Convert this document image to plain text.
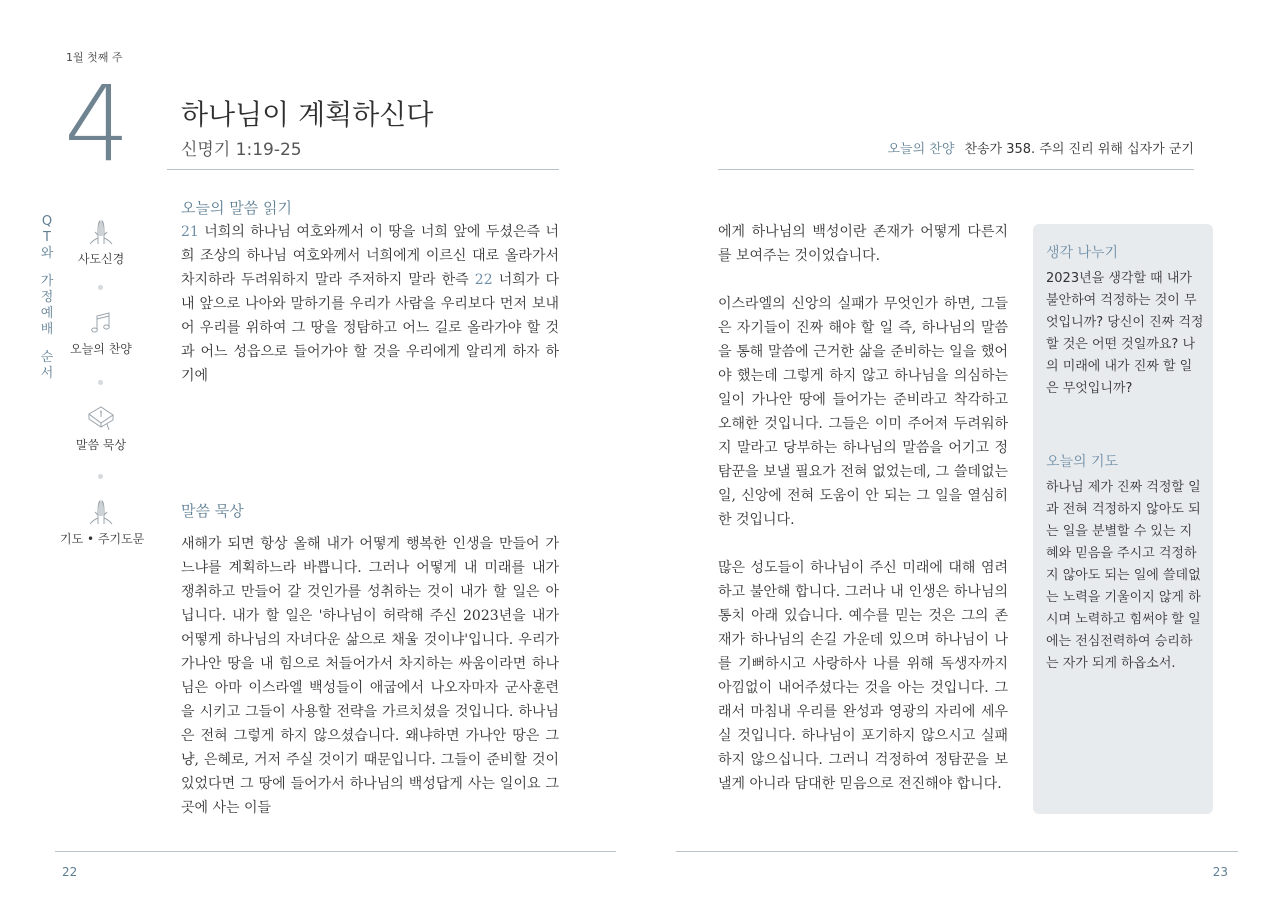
1월 첫째 주
4 하나님이 계획하신다
신명기 1:19-25	오늘의 찬양 찬송가 358. 주의 진리 위해 십자가 군기
Q
T
와
가
정
예
배
순
서
사도신경
오늘의 찬양
말씀 묵상
기도 • 주기도문
오늘의 말씀 읽기
21 너희의 하나님 여호와께서 이 땅을 너희 앞에 두셨은즉 너희 조상의 하나님 여호와께서 너희에게 이르신 대로 올라가서 차지하라 두려워하지 말라 주저하지 말라 한즉 22 너희가 다 내 앞으로 나아와 말하기를 우리가 사람을 우리보다 먼저 보내어 우리를 위하여 그 땅을 정탐하고 어느 길로 올라가야 할 것과 어느 성읍으로 들어가야 할 것을 우리에게 알리게 하자 하기에
말씀 묵상
새해가 되면 항상 올해 내가 어떻게 행복한 인생을 만들어 가느냐를 계획하느라 바쁩니다. 그러나 어떻게 내 미래를 내가 쟁취하고 만들어 갈 것인가를 성취하는 것이 내가 할 일은 아닙니다. 내가 할 일은 '하나님이 허락해 주신 2023년을 내가 어떻게 하나님의 자녀다운 삶으로 채울 것이냐'입니다. 우리가 가나안 땅을 내 힘으로 처들어가서 차지하는 싸움이라면 하나님은 아마 이스라엘 백성들이 애굽에서 나오자마자 군사훈련을 시키고 그들이 사용할 전략을 가르치셨을 것입니다. 하나님은 전혀 그렇게 하지 않으셨습니다. 왜냐하면 가나안 땅은 그냥, 은혜로, 거저 주실 것이기 때문입니다. 그들이 준비할 것이 있었다면 그 땅에 들어가서 하나님의 백성답게 사는 일이요 그곳에 사는 이들

에게 하나님의 백성이란 존재가 어떻게 다른지를 보여주는 것이었습니다.

이스라엘의 신앙의 실패가 무엇인가 하면, 그들은 자기들이 진짜 해야 할 일 즉, 하나님의 말씀을 통해 말씀에 근거한 삶을 준비하는 일을 했어야 했는데 그렇게 하지 않고 하나님을 의심하는 일이 가나안 땅에 들어가는 준비라고 착각하고 오해한 것입니다. 그들은 이미 주어져 두려워하지 말라고 당부하는 하나님의 말씀을 어기고 정탐꾼을 보낼 필요가 전혀 없었는데, 그 쓸데없는 일, 신앙에 전혀 도움이 안 되는 그 일을 열심히 한 것입니다.

많은 성도들이 하나님이 주신 미래에 대해 염려하고 불안해 합니다. 그러나 내 인생은 하나님의 통치 아래 있습니다. 예수를 믿는 것은 그의 존재가 하나님의 손길 가운데 있으며 하나님이 나를 기뻐하시고 사랑하사 나를 위해 독생자까지 아낌없이 내어주셨다는 것을 아는 것입니다. 그래서 마침내 우리를 완성과 영광의 자리에 세우실 것입니다. 하나님이 포기하지 않으시고 실패하지 않으십니다. 그러니 걱정하여 정탐꾼을 보낼게 아니라 담대한 믿음으로 전진해야 합니다.

생각 나누기
2023년을 생각할 때 내가 불안하여 걱정하는 것이 무엇입니까? 당신이 진짜 걱정할 것은 어떤 것일까요? 나의 미래에 내가 진짜 할 일은 무엇입니까?
오늘의 기도
하나님 제가 진짜 걱정할 일과 전혀 걱정하지 않아도 되는 일을 분별할 수 있는 지혜와 믿음을 주시고 걱정하지 않아도 되는 일에 쓸데없는 노력을 기울이지 않게 하시며 노력하고 힘써야 할 일에는 전심전력하여 승리하는 자가 되게 하옵소서.
22	23
